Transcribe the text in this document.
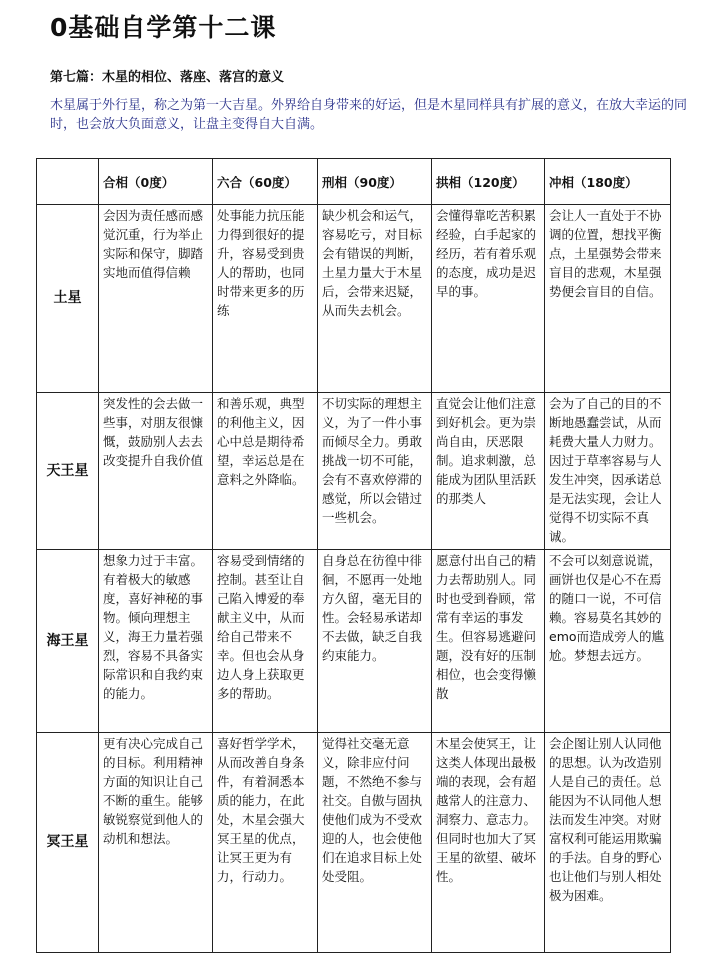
0基础自学第十二课
第七篇：木星的相位、落座、落宫的意义
木星属于外行星，称之为第一大吉星。外界给自身带来的好运，但是木星同样具有扩展的意义，在放大幸运的同时，也会放大负面意义，让盘主变得自大自满。
	合相（0度）	六合（60度）	刑相（90度）	拱相（120度）	冲相（180度）
土星	会因为责任感而感觉沉重，行为举止实际和保守，脚踏实地而值得信赖	处事能力抗压能力得到很好的提升，容易受到贵人的帮助，也同时带来更多的历练	缺少机会和运气，容易吃亏，对目标会有错误的判断，土星力量大于木星后，会带来迟疑，从而失去机会。	会懂得靠吃苦积累经验，白手起家的经历，若有着乐观的态度，成功是迟早的事。	会让人一直处于不协调的位置，想找平衡点，土星强势会带来盲目的悲观，木星强势便会盲目的自信。
天王星	突发性的会去做一些事，对朋友很慷慨，鼓励别人去去改变提升自我价值	和善乐观，典型的利他主义，因心中总是期待希望，幸运总是在意料之外降临。	不切实际的理想主义，为了一件小事而倾尽全力。勇敢挑战一切不可能，会有不喜欢停滞的感觉，所以会错过一些机会。	直觉会让他们注意到好机会。更为崇尚自由，厌恶限制。追求刺激，总能成为团队里活跃的那类人	会为了自己的目的不断地愚蠢尝试，从而耗费大量人力财力。因过于草率容易与人发生冲突，因承诺总是无法实现，会让人觉得不切实际不真诚。
海王星	想象力过于丰富。有着极大的敏感度，喜好神秘的事物。倾向理想主义，海王力量若强烈，容易不具备实际常识和自我约束的能力。	容易受到情绪的控制。甚至让自己陷入博爱的奉献主义中，从而给自己带来不幸。但也会从身边人身上获取更多的帮助。	自身总在彷徨中徘徊，不愿再一处地方久留，毫无目的性。会轻易承诺却不去做，缺乏自我约束能力。	愿意付出自己的精力去帮助别人。同时也受到眷顾，常常有幸运的事发生。但容易逃避问题，没有好的压制相位，也会变得懒散	不会可以刻意说谎，画饼也仅是心不在焉的随口一说，不可信赖。容易莫名其妙的emo而造成旁人的尴尬。梦想去远方。
冥王星	更有决心完成自己的目标。利用精神方面的知识让自己不断的重生。能够敏锐察觉到他人的动机和想法。	喜好哲学学术，从而改善自身条件，有着洞悉本质的能力，在此处，木星会强大冥王星的优点，让冥王更为有力，行动力。	觉得社交毫无意义，除非应付问题，不然绝不参与社交。自傲与固执使他们成为不受欢迎的人，也会使他们在追求目标上处处受阻。	木星会使冥王，让这类人体现出最极端的表现，会有超越常人的注意力、洞察力、意志力。但同时也加大了冥王星的欲望、破坏性。	会企图让别人认同他的思想。认为改造别人是自己的责任。总能因为不认同他人想法而发生冲突。对财富权利可能运用欺骗的手法。自身的野心也让他们与别人相处极为困难。
